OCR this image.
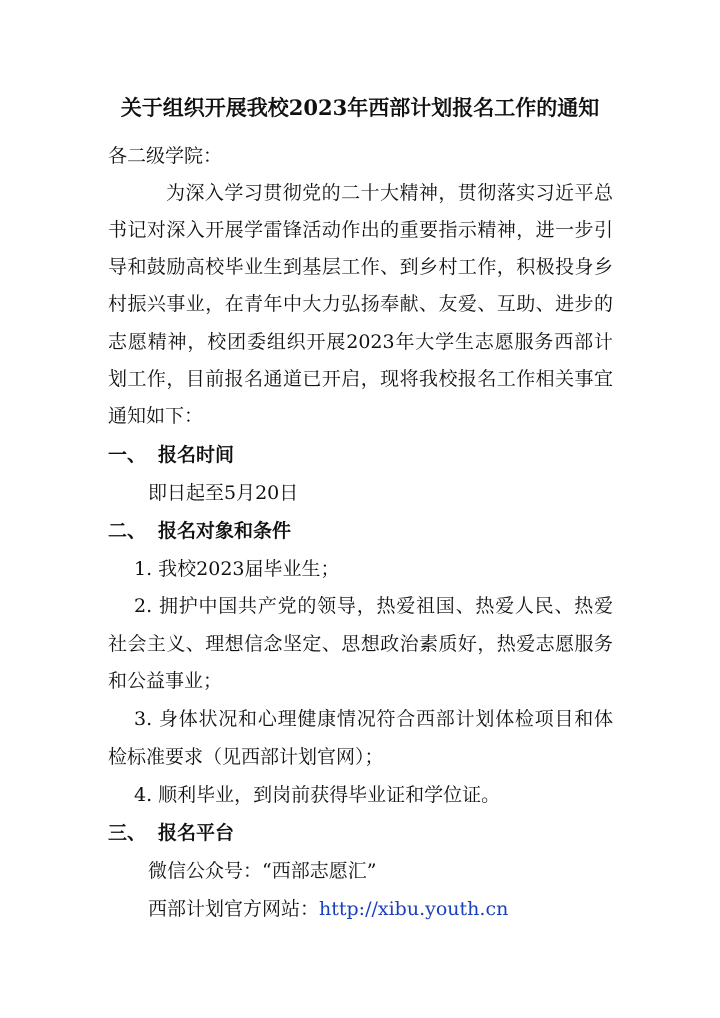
关于组织开展我校2023年西部计划报名工作的通知
各二级学院：
为深入学习贯彻党的二十大精神，贯彻落实习近平总
书记对深入开展学雷锋活动作出的重要指示精神，进一步引
导和鼓励高校毕业生到基层工作、到乡村工作，积极投身乡
村振兴事业，在青年中大力弘扬奉献、友爱、互助、进步的
志愿精神，校团委组织开展2023年大学生志愿服务西部计
划工作，目前报名通道已开启，现将我校报名工作相关事宜
通知如下：
一、 报名时间
即日起至5月20日
二、 报名对象和条件
1. 我校2023届毕业生；
2. 拥护中国共产党的领导，热爱祖国、热爱人民、热爱
社会主义、理想信念坚定、思想政治素质好，热爱志愿服务
和公益事业；
3. 身体状况和心理健康情况符合西部计划体检项目和体
检标准要求（见西部计划官网）；
4. 顺利毕业，到岗前获得毕业证和学位证。
三、 报名平台
微信公众号：“西部志愿汇”
西部计划官方网站：http://xibu.youth.cn
